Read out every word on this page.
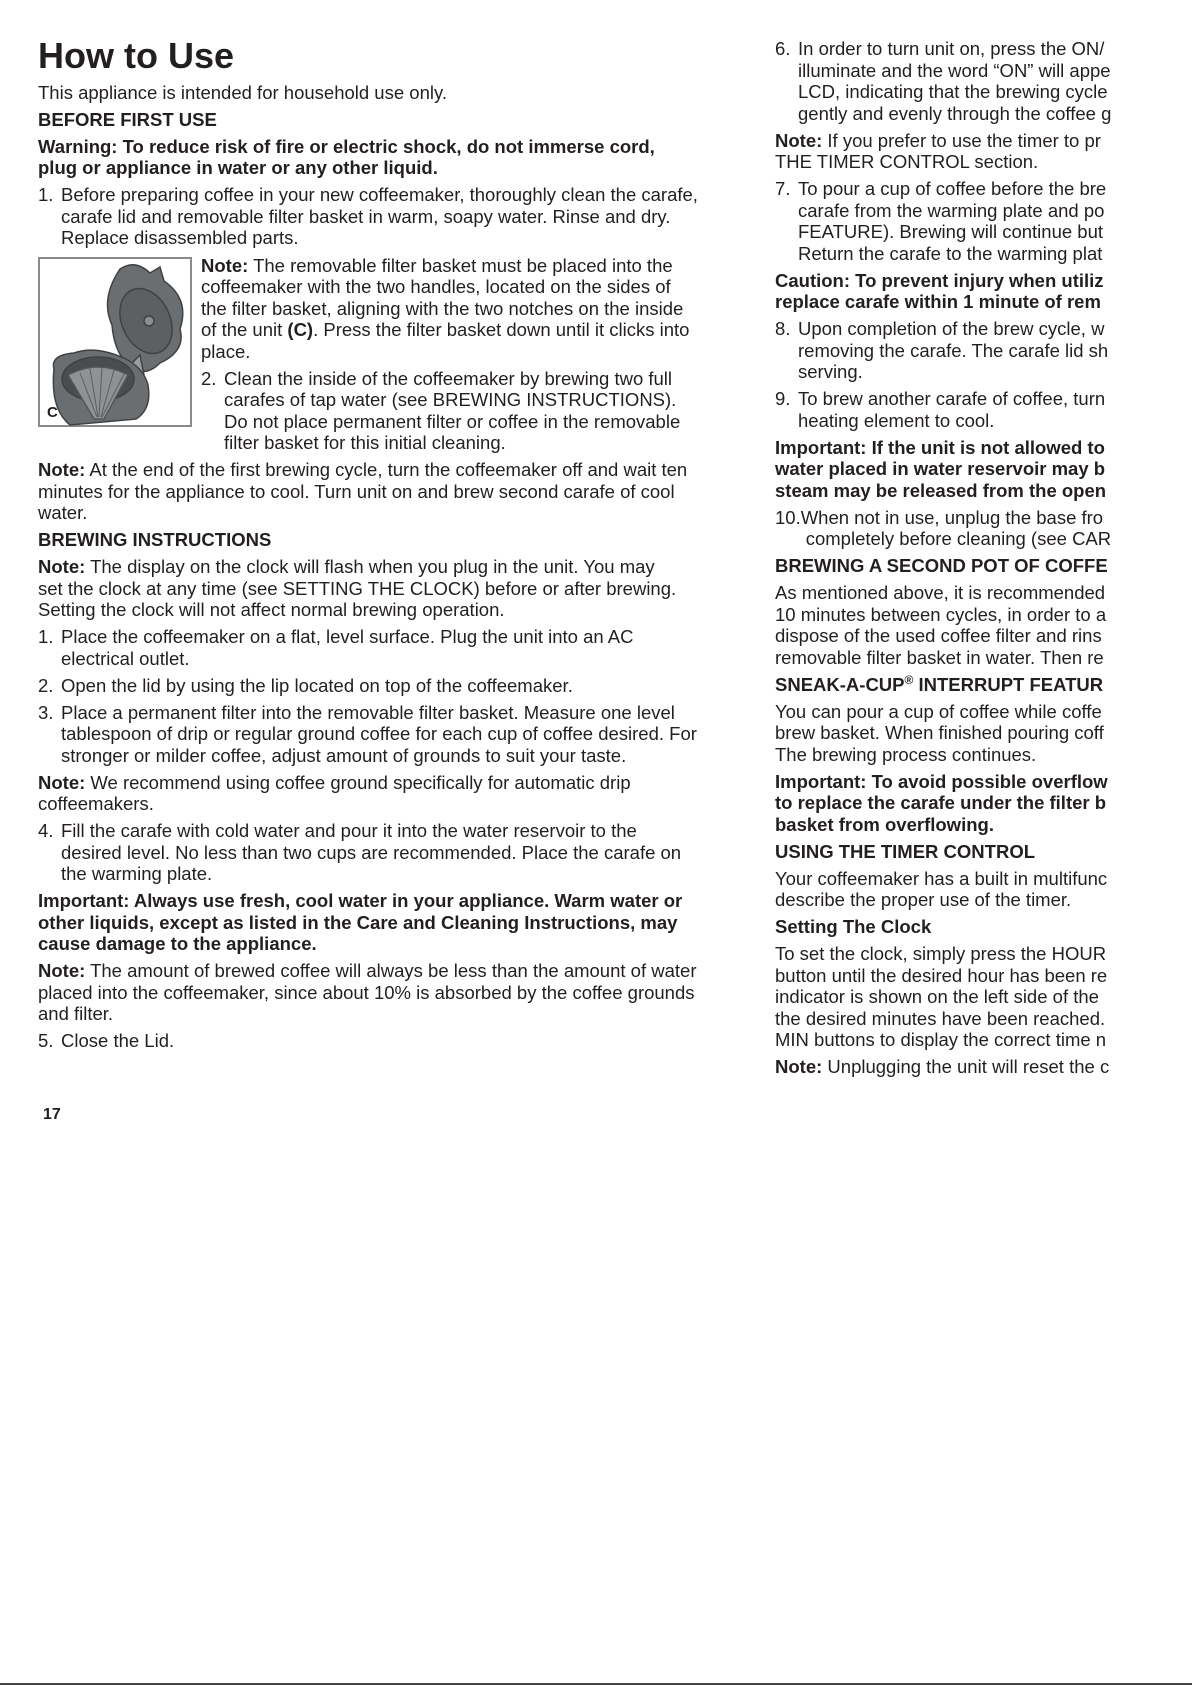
How to Use
This appliance is intended for household use only.
BEFORE FIRST USE
Warning: To reduce risk of fire or electric shock, do not immerse cord,
plug or appliance in water or any other liquid.
1. Before preparing coffee in your new coffeemaker, thoroughly clean the carafe,
carafe lid and removable filter basket in warm, soapy water. Rinse and dry.
Replace disassembled parts.
C
Note: The removable filter basket must be placed into the
coffeemaker with the two handles, located on the sides of
the filter basket, aligning with the two notches on the inside
of the unit (C). Press the filter basket down until it clicks into
place.
2. Clean the inside of the coffeemaker by brewing two full
carafes of tap water (see BREWING INSTRUCTIONS).
Do not place permanent filter or coffee in the removable
filter basket for this initial cleaning.
Note: At the end of the first brewing cycle, turn the coffeemaker off and wait ten
minutes for the appliance to cool. Turn unit on and brew second carafe of cool
water.
BREWING INSTRUCTIONS
Note: The display on the clock will flash when you plug in the unit. You may
set the clock at any time (see SETTING THE CLOCK) before or after brewing.
Setting the clock will not affect normal brewing operation.
1. Place the coffeemaker on a flat, level surface. Plug the unit into an AC
electrical outlet.
2. Open the lid by using the lip located on top of the coffeemaker.
3. Place a permanent filter into the removable filter basket. Measure one level
tablespoon of drip or regular ground coffee for each cup of coffee desired. For
stronger or milder coffee, adjust amount of grounds to suit your taste.
Note: We recommend using coffee ground specifically for automatic drip
coffeemakers.
4. Fill the carafe with cold water and pour it into the water reservoir to the
desired level. No less than two cups are recommended. Place the carafe on
the warming plate.
Important: Always use fresh, cool water in your appliance. Warm water or
other liquids, except as listed in the Care and Cleaning Instructions, may
cause damage to the appliance.
Note: The amount of brewed coffee will always be less than the amount of water
placed into the coffeemaker, since about 10% is absorbed by the coffee grounds
and filter.
5. Close the Lid.
6. In order to turn unit on, press the ON/
illuminate and the word “ON” will appe
LCD, indicating that the brewing cycle
gently and evenly through the coffee g
Note: If you prefer to use the timer to pr
THE TIMER CONTROL section.
7. To pour a cup of coffee before the bre
carafe from the warming plate and po
FEATURE). Brewing will continue but
Return the carafe to the warming plat
Caution: To prevent injury when utiliz
replace carafe within 1 minute of rem
8. Upon completion of the brew cycle, w
removing the carafe. The carafe lid sh
serving.
9. To brew another carafe of coffee, turn
heating element to cool.
Important: If the unit is not allowed to
water placed in water reservoir may b
steam may be released from the open
10. When not in use, unplug the base fro
completely before cleaning (see CAR
BREWING A SECOND POT OF COFFE
As mentioned above, it is recommended
10 minutes between cycles, in order to a
dispose of the used coffee filter and rins
removable filter basket in water. Then re
SNEAK-A-CUP® INTERRUPT FEATUR
You can pour a cup of coffee while coffe
brew basket. When finished pouring coff
The brewing process continues.
Important: To avoid possible overflow
to replace the carafe under the filter b
basket from overflowing.
USING THE TIMER CONTROL
Your coffeemaker has a built in multifunc
describe the proper use of the timer.
Setting The Clock
To set the clock, simply press the HOUR
button until the desired hour has been re
indicator is shown on the left side of the
the desired minutes have been reached.
MIN buttons to display the correct time n
Note: Unplugging the unit will reset the c
17
